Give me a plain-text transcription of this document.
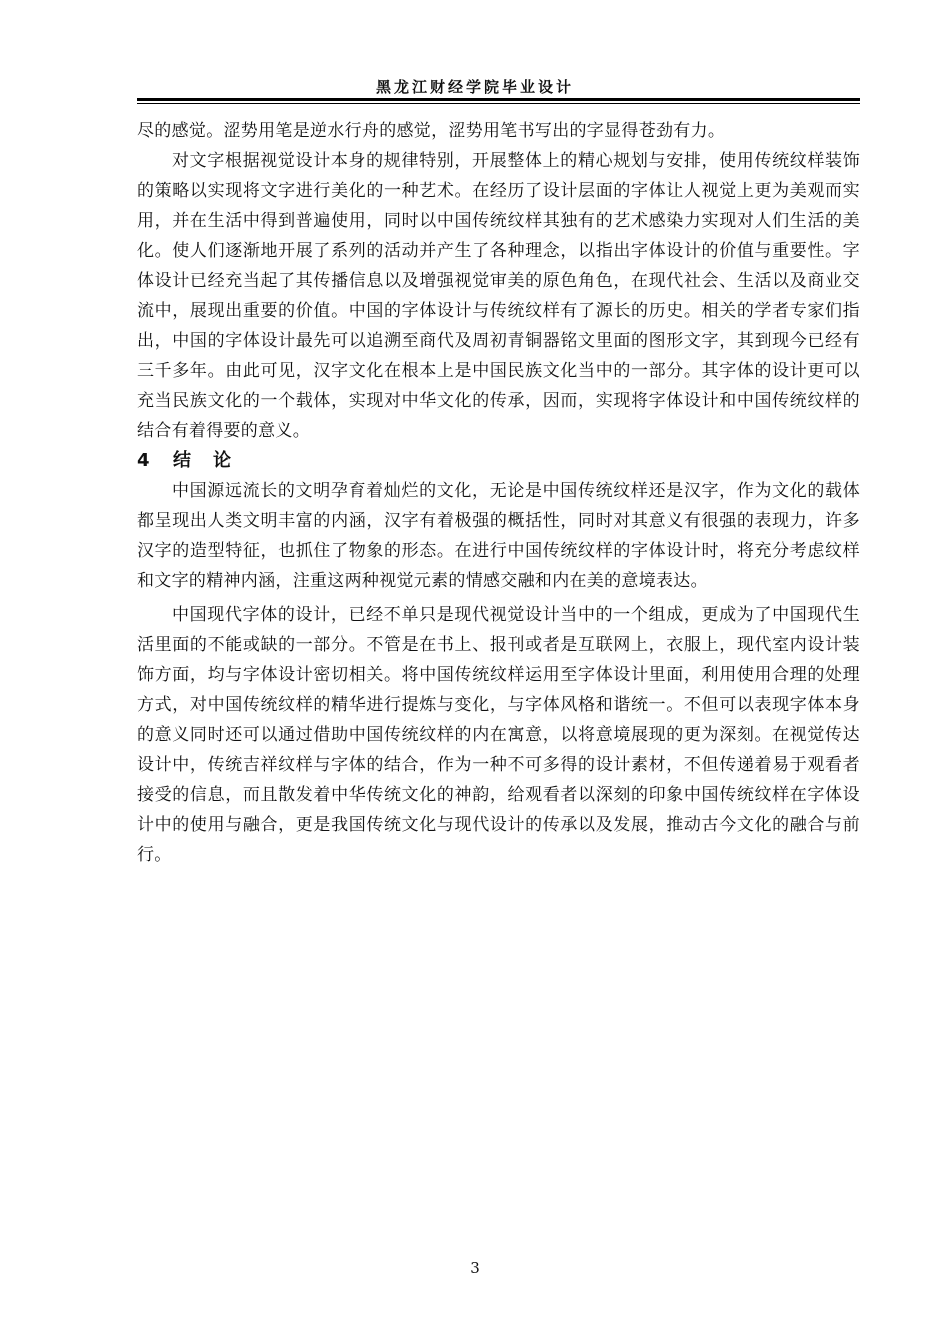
黑龙江财经学院毕业设计

尽的感觉。涩势用笔是逆水行舟的感觉，涩势用笔书写出的字显得苍劲有力。

对文字根据视觉设计本身的规律特别，开展整体上的精心规划与安排，使用传统纹样装饰的策略以实现将文字进行美化的一种艺术。在经历了设计层面的字体让人视觉上更为美观而实用，并在生活中得到普遍使用，同时以中国传统纹样其独有的艺术感染力实现对人们生活的美化。使人们逐渐地开展了系列的活动并产生了各种理念，以指出字体设计的价值与重要性。字体设计已经充当起了其传播信息以及增强视觉审美的原色角色，在现代社会、生活以及商业交流中，展现出重要的价值。中国的字体设计与传统纹样有了源长的历史。相关的学者专家们指出，中国的字体设计最先可以追溯至商代及周初青铜器铭文里面的图形文字，其到现今已经有三千多年。由此可见，汉字文化在根本上是中国民族文化当中的一部分。其字体的设计更可以充当民族文化的一个载体，实现对中华文化的传承，因而，实现将字体设计和中国传统纹样的结合有着得要的意义。

4 结论

中国源远流长的文明孕育着灿烂的文化，无论是中国传统纹样还是汉字，作为文化的载体都呈现出人类文明丰富的内涵，汉字有着极强的概括性，同时对其意义有很强的表现力，许多汉字的造型特征，也抓住了物象的形态。在进行中国传统纹样的字体设计时，将充分考虑纹样和文字的精神内涵，注重这两种视觉元素的情感交融和内在美的意境表达。

中国现代字体的设计，已经不单只是现代视觉设计当中的一个组成，更成为了中国现代生活里面的不能或缺的一部分。不管是在书上、报刊或者是互联网上，衣服上，现代室内设计装饰方面，均与字体设计密切相关。将中国传统纹样运用至字体设计里面，利用使用合理的处理方式，对中国传统纹样的精华进行提炼与变化，与字体风格和谐统一。不但可以表现字体本身的意义同时还可以通过借助中国传统纹样的内在寓意，以将意境展现的更为深刻。在视觉传达设计中，传统吉祥纹样与字体的结合，作为一种不可多得的设计素材，不但传递着易于观看者接受的信息，而且散发着中华传统文化的神韵，给观看者以深刻的印象中国传统纹样在字体设计中的使用与融合，更是我国传统文化与现代设计的传承以及发展，推动古今文化的融合与前行。

3
